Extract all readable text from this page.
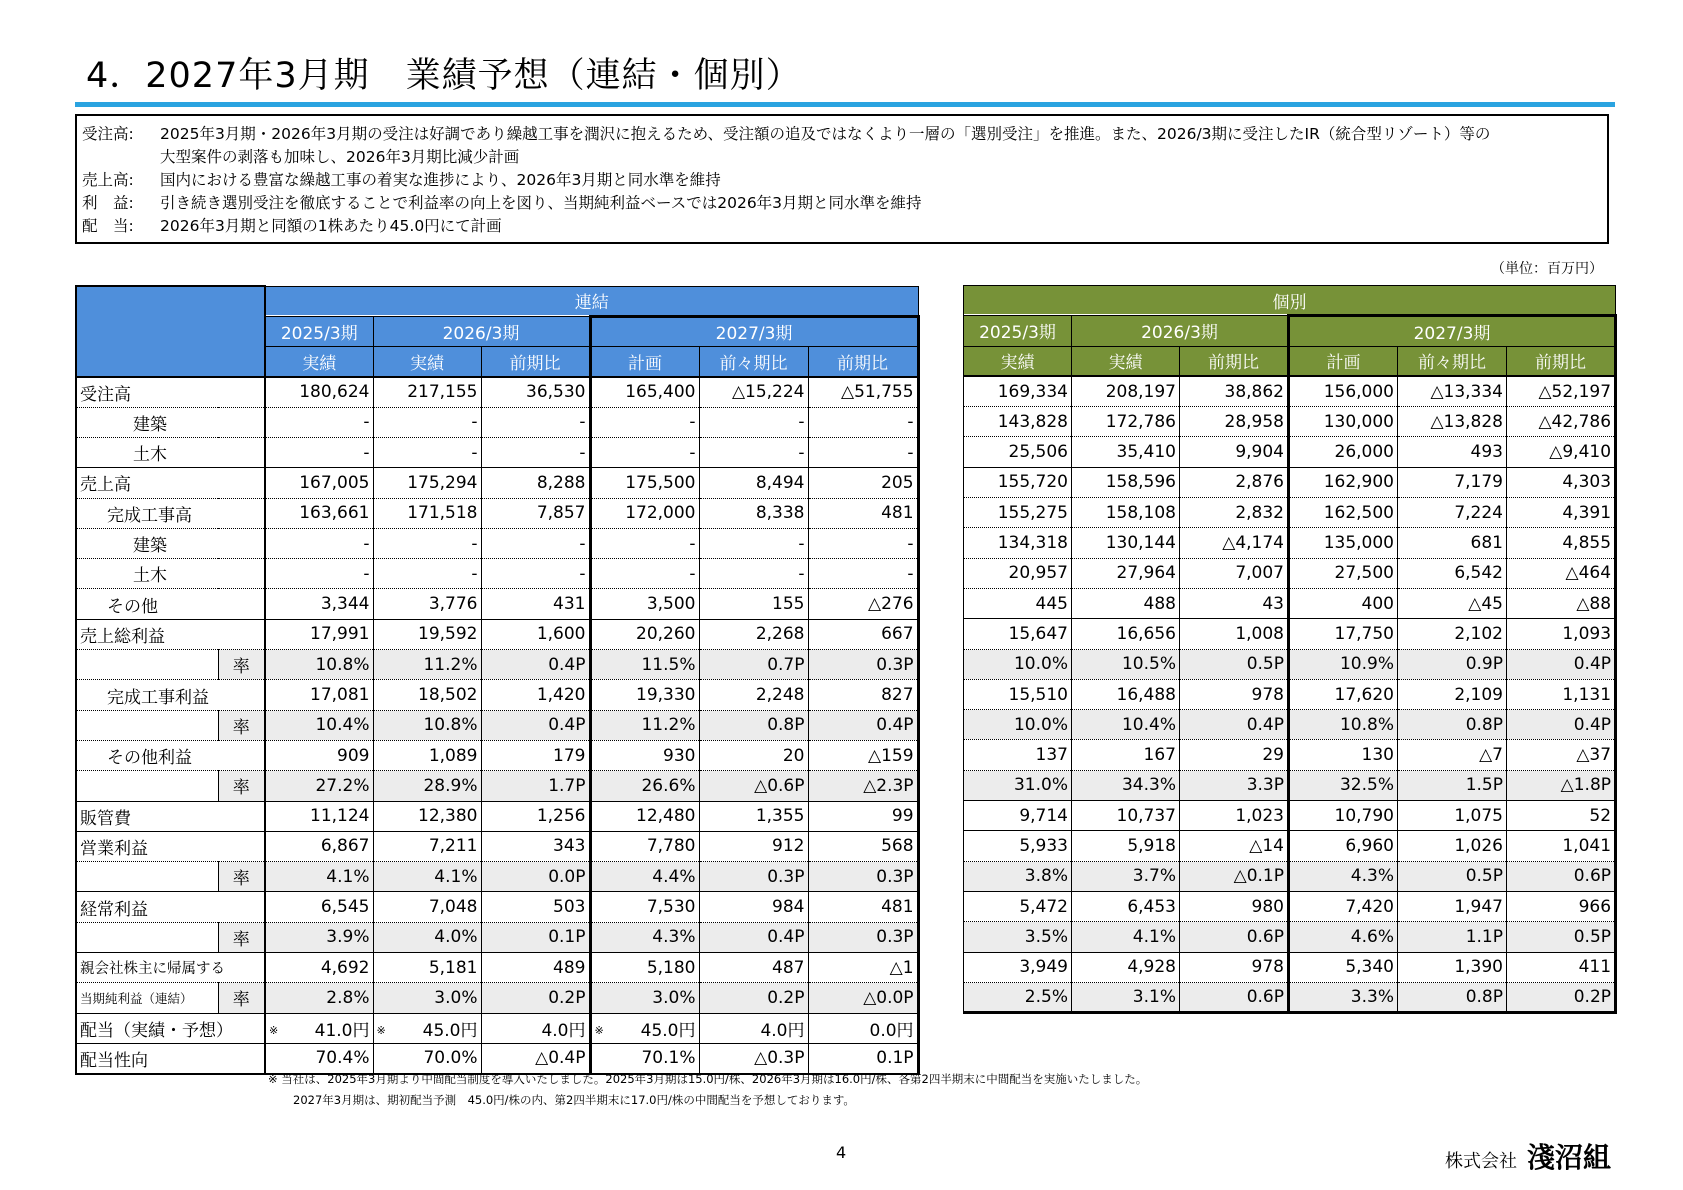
4．2027年3月期　業績予想（連結・個別）
受注高:	2025年3月期・2026年3月期の受注は好調であり繰越工事を潤沢に抱えるため、受注額の追及ではなくより一層の「選別受注」を推進。また、2026/3期に受注したIR（統合型リゾート）等の
大型案件の剥落も加味し、2026年3月期比減少計画
売上高:	国内における豊富な繰越工事の着実な進捗により、2026年3月期と同水準を維持
利　益:	引き続き選別受注を徹底することで利益率の向上を図り、当期純利益ベースでは2026年3月期と同水準を維持
配　当:	2026年3月期と同額の1株あたり45.0円にて計画
（単位：百万円）
		連結					
		2025/3期	2026/3期		2027/3期		
		実績	実績	前期比	計画	前々期比	前期比
受注高		180,624	217,155	36,530	165,400	△15,224	△51,755
建築		-	-	-	-	-	-
土木		-	-	-	-	-	-
売上高		167,005	175,294	8,288	175,500	8,494	205
完成工事高		163,661	171,518	7,857	172,000	8,338	481
建築		-	-	-	-	-	-
土木		-	-	-	-	-	-
その他		3,344	3,776	431	3,500	155	△276
売上総利益		17,991	19,592	1,600	20,260	2,268	667
	率	10.8%	11.2%	0.4P	11.5%	0.7P	0.3P
完成工事利益		17,081	18,502	1,420	19,330	2,248	827
	率	10.4%	10.8%	0.4P	11.2%	0.8P	0.4P
その他利益		909	1,089	179	930	20	△159
	率	27.2%	28.9%	1.7P	26.6%	△0.6P	△2.3P
販管費		11,124	12,380	1,256	12,480	1,355	99
営業利益		6,867	7,211	343	7,780	912	568
	率	4.1%	4.1%	0.0P	4.4%	0.3P	0.3P
経常利益		6,545	7,048	503	7,530	984	481
	率	3.9%	4.0%	0.1P	4.3%	0.4P	0.3P
親会社株主に帰属する		4,692	5,181	489	5,180	487	△1
当期純利益（連結）	率	2.8%	3.0%	0.2P	3.0%	0.2P	△0.0P
配当（実績・予想）		※ 41.0円	※ 45.0円	4.0円	※ 45.0円	4.0円	0.0円
配当性向		70.4%	70.0%	△0.4P	70.1%	△0.3P	0.1P
個別					
2025/3期	2026/3期		2027/3期		
実績	実績	前期比	計画	前々期比	前期比
169,334	208,197	38,862	156,000	△13,334	△52,197
143,828	172,786	28,958	130,000	△13,828	△42,786
25,506	35,410	9,904	26,000	493	△9,410
155,720	158,596	2,876	162,900	7,179	4,303
155,275	158,108	2,832	162,500	7,224	4,391
134,318	130,144	△4,174	135,000	681	4,855
20,957	27,964	7,007	27,500	6,542	△464
445	488	43	400	△45	△88
15,647	16,656	1,008	17,750	2,102	1,093
10.0%	10.5%	0.5P	10.9%	0.9P	0.4P
15,510	16,488	978	17,620	2,109	1,131
10.0%	10.4%	0.4P	10.8%	0.8P	0.4P
137	167	29	130	△7	△37
31.0%	34.3%	3.3P	32.5%	1.5P	△1.8P
9,714	10,737	1,023	10,790	1,075	52
5,933	5,918	△14	6,960	1,026	1,041
3.8%	3.7%	△0.1P	4.3%	0.5P	0.6P
5,472	6,453	980	7,420	1,947	966
3.5%	4.1%	0.6P	4.6%	1.1P	0.5P
3,949	4,928	978	5,340	1,390	411
2.5%	3.1%	0.6P	3.3%	0.8P	0.2P
※ 当社は、2025年3月期より中間配当制度を導入いたしました。2025年3月期は15.0円/株、2026年3月期は16.0円/株、各第2四半期末に中間配当を実施いたしました。
2027年3月期は、期初配当予測　45.0円/株の内、第2四半期末に17.0円/株の中間配当を予想しております。
4	株式会社 淺沼組
